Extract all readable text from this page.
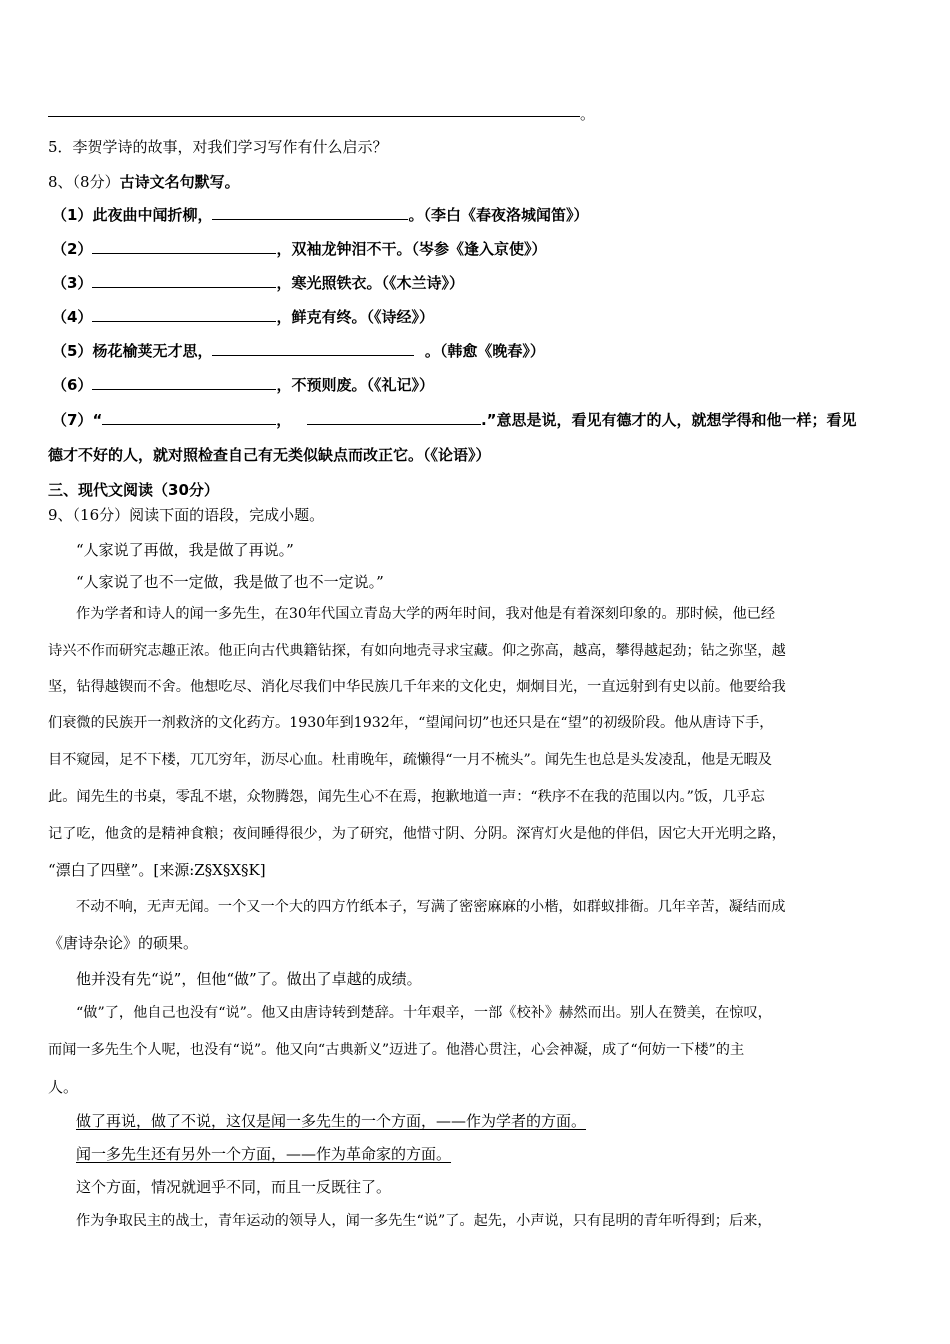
。
5．李贺学诗的故事，对我们学习写作有什么启示？
8、（8分）古诗文名句默写。
（1）此夜曲中闻折柳，	。（李白《春夜洛城闻笛》）
（2）	，双袖龙钟泪不干。（岑参《逢入京使》）
（3）	，寒光照铁衣。（《木兰诗》）
（4）	，鲜克有终。（《诗经》）
（5）杨花榆荚无才思，	。（韩愈《晚春》）
（6）	，不预则废。（《礼记》）
（7）“	，	.”意思是说，看见有德才的人，就想学得和他一样；看见
德才不好的人，就对照检查自己有无类似缺点而改正它。（《论语》）
三、现代文阅读（30分）
9、（16分）阅读下面的语段，完成小题。
“人家说了再做，我是做了再说。”
“人家说了也不一定做，我是做了也不一定说。”
作为学者和诗人的闻一多先生，在30年代国立青岛大学的两年时间，我对他是有着深刻印象的。那时候，他已经
诗兴不作而研究志趣正浓。他正向古代典籍钻探，有如向地壳寻求宝藏。仰之弥高，越高，攀得越起劲；钻之弥坚，越
坚，钻得越锲而不舍。他想吃尽、消化尽我们中华民族几千年来的文化史，炯炯目光，一直远射到有史以前。他要给我
们衰微的民族开一剂救济的文化药方。1930年到1932年，“望闻问切”也还只是在“望”的初级阶段。他从唐诗下手，
目不窥园，足不下楼，兀兀穷年，沥尽心血。杜甫晚年，疏懒得“一月不梳头”。闻先生也总是头发凌乱，他是无暇及
此。闻先生的书桌，零乱不堪，众物腾怨，闻先生心不在焉，抱歉地道一声：“秩序不在我的范围以内。”饭，几乎忘
记了吃，他贪的是精神食粮；夜间睡得很少，为了研究，他惜寸阴、分阴。深宵灯火是他的伴侣，因它大开光明之路，
“漂白了四壁”。[来源:Z§X§X§K]
不动不响，无声无闻。一个又一个大的四方竹纸本子，写满了密密麻麻的小楷，如群蚁排衙。几年辛苦，凝结而成
《唐诗杂论》的硕果。
他并没有先“说”，但他“做”了。做出了卓越的成绩。
“做”了，他自己也没有“说”。他又由唐诗转到楚辞。十年艰辛，一部《校补》赫然而出。别人在赞美，在惊叹，
而闻一多先生个人呢，也没有“说”。他又向“古典新义”迈进了。他潜心贯注，心会神凝，成了“何妨一下楼”的主
人。
做了再说，做了不说，这仅是闻一多先生的一个方面，——作为学者的方面。
闻一多先生还有另外一个方面，——作为革命家的方面。
这个方面，情况就迥乎不同，而且一反既往了。
作为争取民主的战士，青年运动的领导人，闻一多先生“说”了。起先，小声说，只有昆明的青年听得到；后来，
